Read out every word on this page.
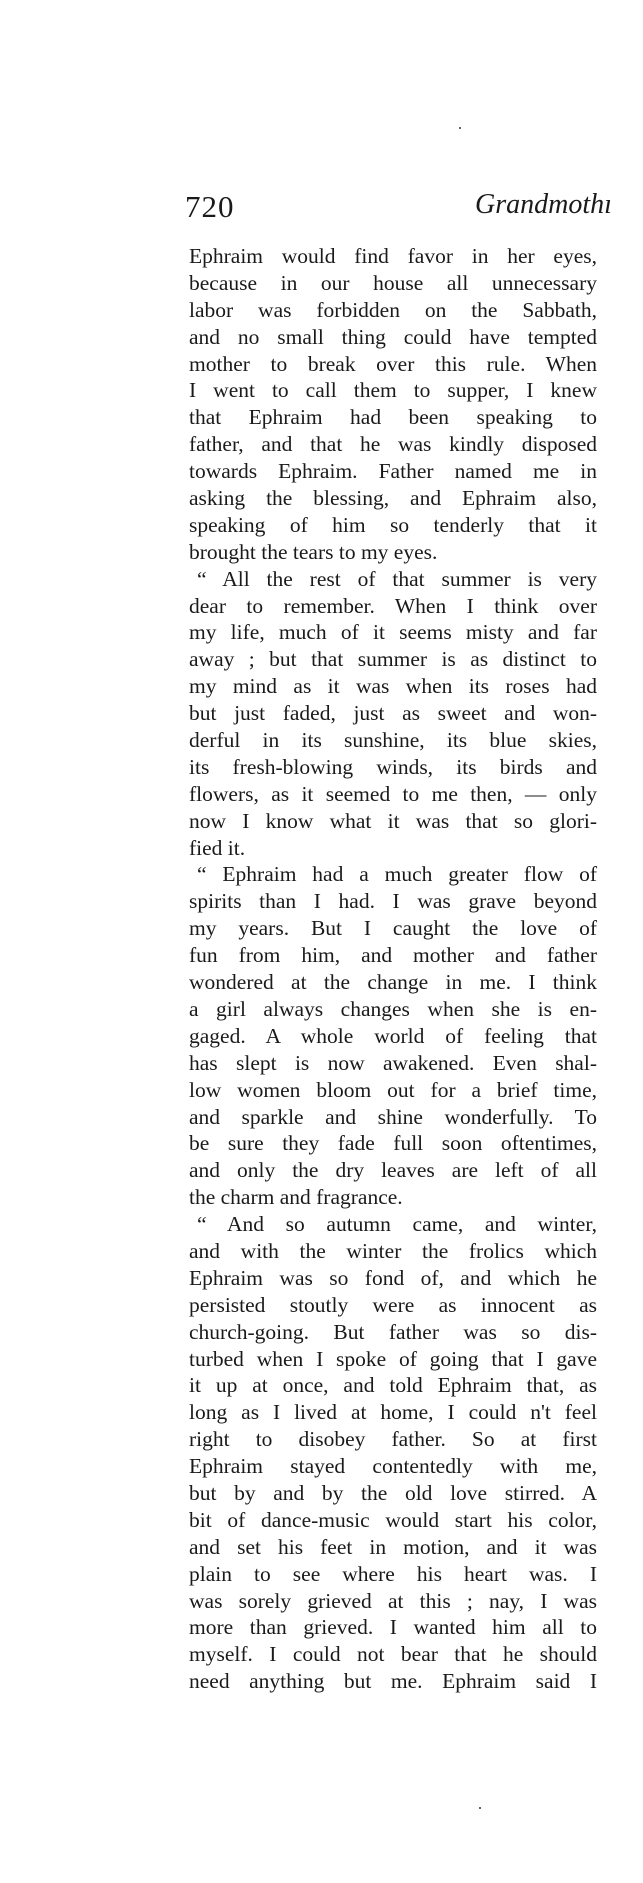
720	Grandmothı
Ephraim would find favor in her eyes,
because in our house all unnecessary
labor was forbidden on the Sabbath,
and no small thing could have tempted
mother to break over this rule. When
I went to call them to supper, I knew
that Ephraim had been speaking to
father, and that he was kindly disposed
towards Ephraim. Father named me in
asking the blessing, and Ephraim also,
speaking of him so tenderly that it
brought the tears to my eyes.
“ All the rest of that summer is very
dear to remember. When I think over
my life, much of it seems misty and far
away ; but that summer is as distinct to
my mind as it was when its roses had
but just faded, just as sweet and won-
derful in its sunshine, its blue skies,
its fresh-blowing winds, its birds and
flowers, as it seemed to me then, — only
now I know what it was that so glori-
fied it.
“ Ephraim had a much greater flow of
spirits than I had. I was grave beyond
my years. But I caught the love of
fun from him, and mother and father
wondered at the change in me. I think
a girl always changes when she is en-
gaged. A whole world of feeling that
has slept is now awakened. Even shal-
low women bloom out for a brief time,
and sparkle and shine wonderfully. To
be sure they fade full soon oftentimes,
and only the dry leaves are left of all
the charm and fragrance.
“ And so autumn came, and winter,
and with the winter the frolics which
Ephraim was so fond of, and which he
persisted stoutly were as innocent as
church-going. But father was so dis-
turbed when I spoke of going that I gave
it up at once, and told Ephraim that, as
long as I lived at home, I could n't feel
right to disobey father. So at first
Ephraim stayed contentedly with me,
but by and by the old love stirred. A
bit of dance-music would start his color,
and set his feet in motion, and it was
plain to see where his heart was. I
was sorely grieved at this ; nay, I was
more than grieved. I wanted him all to
myself. I could not bear that he should
need anything but me. Ephraim said I
